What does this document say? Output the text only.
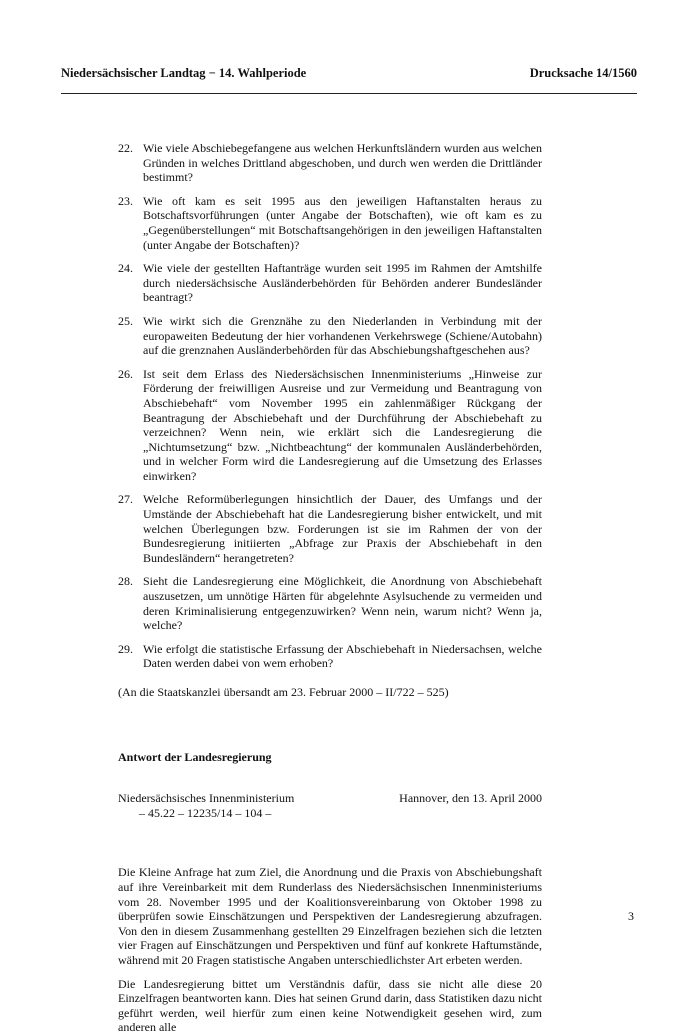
Niedersächsischer Landtag − 14. Wahlperiode	Drucksache 14/1560
22. Wie viele Abschiebegefangene aus welchen Herkunftsländern wurden aus welchen Gründen in welches Drittland abgeschoben, und durch wen werden die Drittländer bestimmt?
23. Wie oft kam es seit 1995 aus den jeweiligen Haftanstalten heraus zu Botschaftsvorführungen (unter Angabe der Botschaften), wie oft kam es zu „Gegenüberstellungen“ mit Botschaftsangehörigen in den jeweiligen Haftanstalten (unter Angabe der Botschaften)?
24. Wie viele der gestellten Haftanträge wurden seit 1995 im Rahmen der Amtshilfe durch niedersächsische Ausländerbehörden für Behörden anderer Bundesländer beantragt?
25. Wie wirkt sich die Grenznähe zu den Niederlanden in Verbindung mit der europaweiten Bedeutung der hier vorhandenen Verkehrswege (Schiene/Autobahn) auf die grenznahen Ausländerbehörden für das Abschiebungshaftgeschehen aus?
26. Ist seit dem Erlass des Niedersächsischen Innenministeriums „Hinweise zur Förderung der freiwilligen Ausreise und zur Vermeidung und Beantragung von Abschiebehaft“ vom November 1995 ein zahlenmäßiger Rückgang der Beantragung der Abschiebehaft und der Durchführung der Abschiebehaft zu verzeichnen? Wenn nein, wie erklärt sich die Landesregierung die „Nichtumsetzung“ bzw. „Nichtbeachtung“ der kommunalen Ausländerbehörden, und in welcher Form wird die Landesregierung auf die Umsetzung des Erlasses einwirken?
27. Welche Reformüberlegungen hinsichtlich der Dauer, des Umfangs und der Umstände der Abschiebehaft hat die Landesregierung bisher entwickelt, und mit welchen Überlegungen bzw. Forderungen ist sie im Rahmen der von der Bundesregierung initiierten „Abfrage zur Praxis der Abschiebehaft in den Bundesländern“ herangetreten?
28. Sieht die Landesregierung eine Möglichkeit, die Anordnung von Abschiebehaft auszusetzen, um unnötige Härten für abgelehnte Asylsuchende zu vermeiden und deren Kriminalisierung entgegenzuwirken? Wenn nein, warum nicht? Wenn ja, welche?
29. Wie erfolgt die statistische Erfassung der Abschiebehaft in Niedersachsen, welche Daten werden dabei von wem erhoben?
(An die Staatskanzlei übersandt am 23. Februar 2000 – II/722 – 525)
Antwort der Landesregierung
Niedersächsisches Innenministerium
– 45.22 – 12235/14 – 104 –
Hannover, den 13. April 2000
Die Kleine Anfrage hat zum Ziel, die Anordnung und die Praxis von Abschiebungshaft auf ihre Vereinbarkeit mit dem Runderlass des Niedersächsischen Innenministeriums vom 28. November 1995 und der Koalitionsvereinbarung von Oktober 1998 zu überprüfen sowie Einschätzungen und Perspektiven der Landesregierung abzufragen. Von den in diesem Zusammenhang gestellten 29 Einzelfragen beziehen sich die letzten vier Fragen auf Einschätzungen und Perspektiven und fünf auf konkrete Haftumstände, während mit 20 Fragen statistische Angaben unterschiedlichster Art erbeten werden.
Die Landesregierung bittet um Verständnis dafür, dass sie nicht alle diese 20 Einzelfragen beantworten kann. Dies hat seinen Grund darin, dass Statistiken dazu nicht geführt werden, weil hierfür zum einen keine Notwendigkeit gesehen wird, zum anderen alle
3
